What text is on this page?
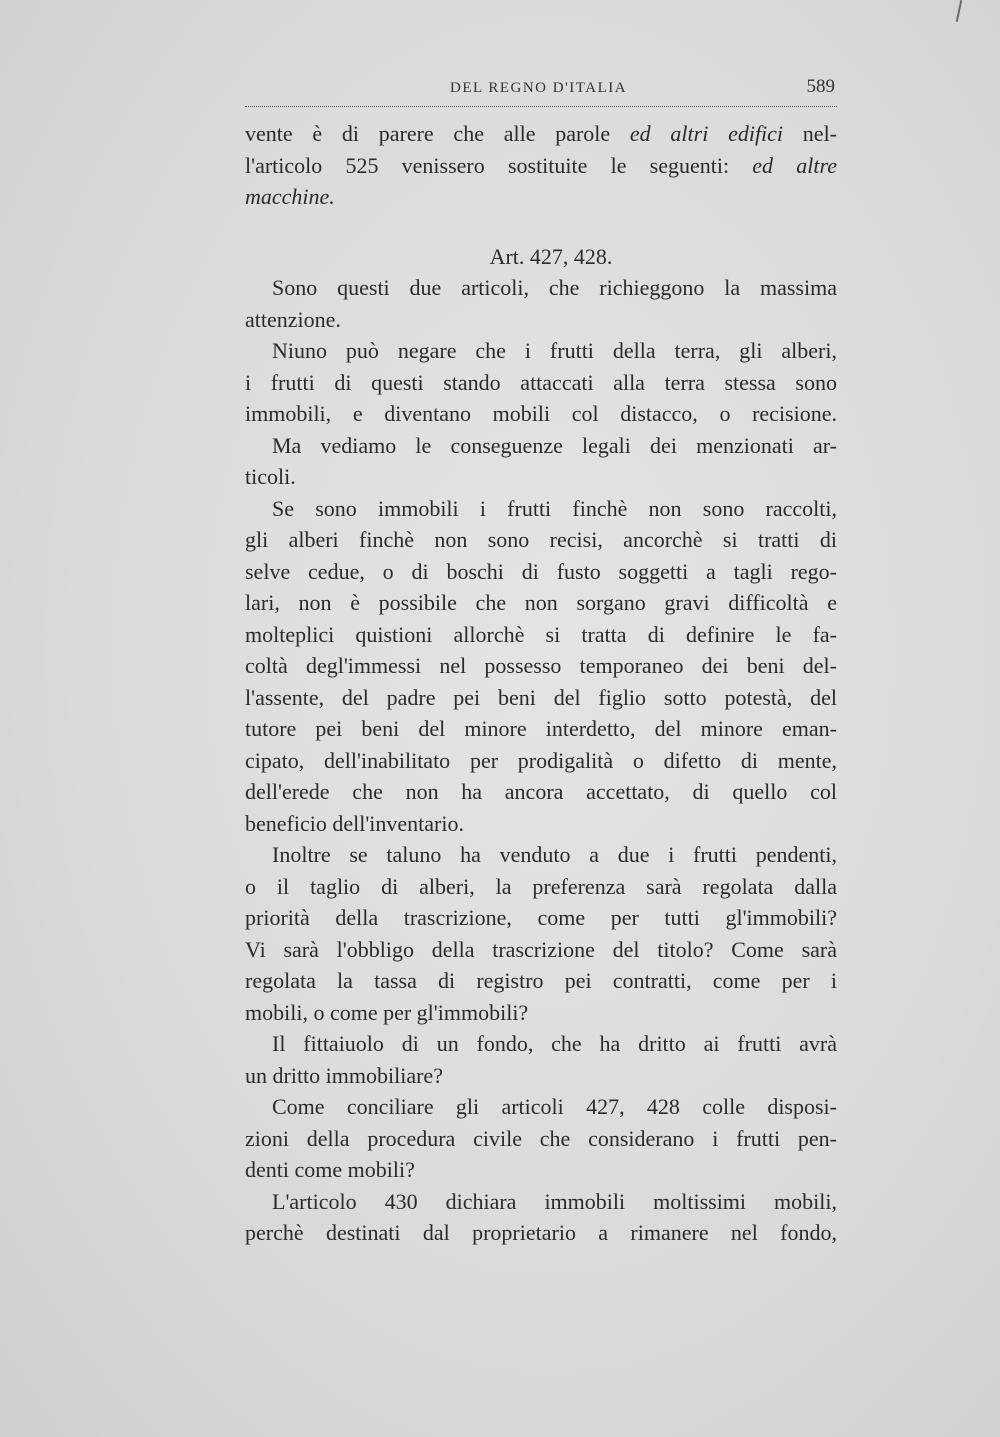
DEL REGNO D'ITALIA	589
vente è di parere che alle parole ed altri edifici nel-
l'articolo 525 venissero sostituite le seguenti: ed altre
macchine.
Art. 427, 428.
Sono questi due articoli, che richieggono la massima
attenzione.
Niuno può negare che i frutti della terra, gli alberi,
i frutti di questi stando attaccati alla terra stessa sono
immobili, e diventano mobili col distacco, o recisione.
Ma vediamo le conseguenze legali dei menzionati ar-
ticoli.
Se sono immobili i frutti finchè non sono raccolti,
gli alberi finchè non sono recisi, ancorchè si tratti di
selve cedue, o di boschi di fusto soggetti a tagli rego-
lari, non è possibile che non sorgano gravi difficoltà e
molteplici quistioni allorchè si tratta di definire le fa-
coltà degl'immessi nel possesso temporaneo dei beni del-
l'assente, del padre pei beni del figlio sotto potestà, del
tutore pei beni del minore interdetto, del minore eman-
cipato, dell'inabilitato per prodigalità o difetto di mente,
dell'erede che non ha ancora accettato, di quello col
beneficio dell'inventario.
Inoltre se taluno ha venduto a due i frutti pendenti,
o il taglio di alberi, la preferenza sarà regolata dalla
priorità della trascrizione, come per tutti gl'immobili?
Vi sarà l'obbligo della trascrizione del titolo? Come sarà
regolata la tassa di registro pei contratti, come per i
mobili, o come per gl'immobili?
Il fittaiuolo di un fondo, che ha dritto ai frutti avrà
un dritto immobiliare?
Come conciliare gli articoli 427, 428 colle disposi-
zioni della procedura civile che considerano i frutti pen-
denti come mobili?
L'articolo 430 dichiara immobili moltissimi mobili,
perchè destinati dal proprietario a rimanere nel fondo,
